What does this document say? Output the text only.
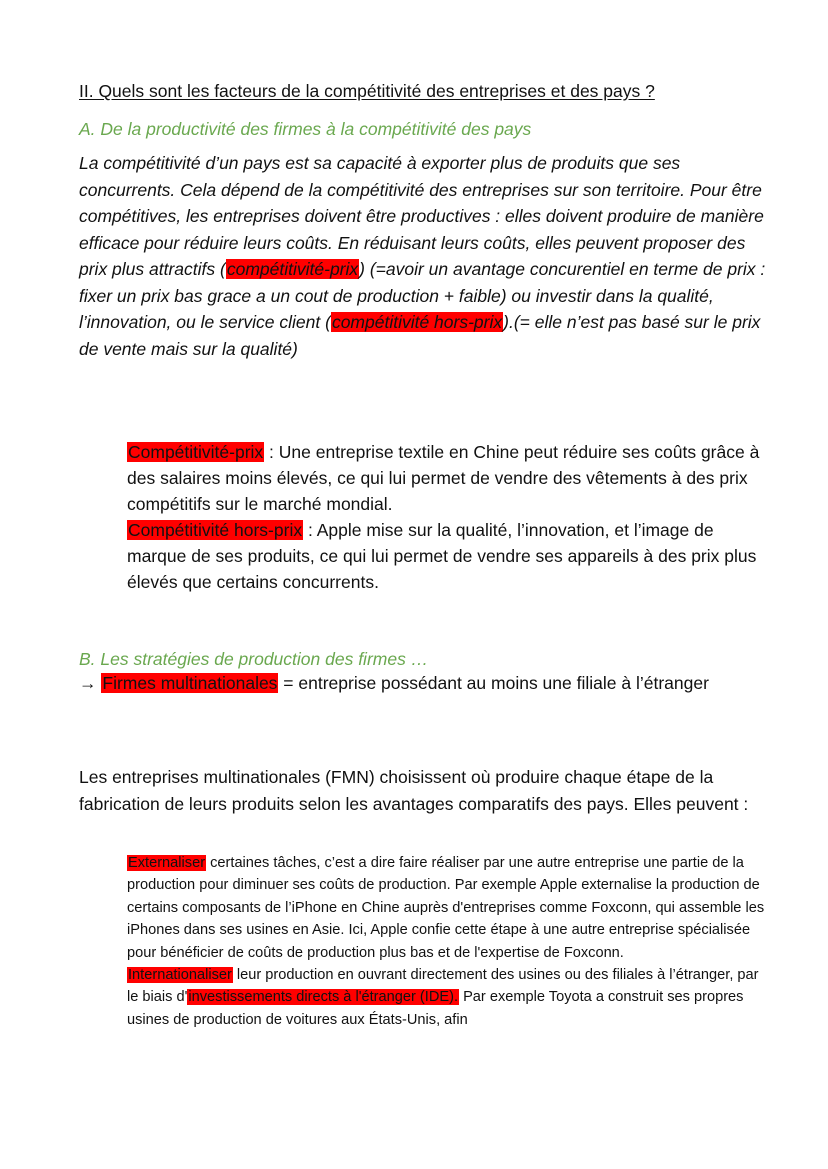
II. Quels sont les facteurs de la compétitivité des entreprises et des pays ?
A. De la productivité des firmes à la compétitivité des pays
La compétitivité d’un pays est sa capacité à exporter plus de produits que ses concurrents. Cela dépend de la compétitivité des entreprises sur son territoire. Pour être compétitives, les entreprises doivent être productives : elles doivent produire de manière efficace pour réduire leurs coûts. En réduisant leurs coûts, elles peuvent proposer des prix plus attractifs (compétitivité-prix) (=avoir un avantage concurentiel en terme de prix : fixer un prix bas grace a un cout de production + faible) ou investir dans la qualité, l’innovation, ou le service client (compétitivité hors-prix).(= elle n’est pas basé sur le prix de vente mais sur la qualité)

Compétitivité-prix : Une entreprise textile en Chine peut réduire ses coûts grâce à des salaires moins élevés, ce qui lui permet de vendre des vêtements à des prix compétitifs sur le marché mondial.

Compétitivité hors-prix : Apple mise sur la qualité, l’innovation, et l’image de marque de ses produits, ce qui lui permet de vendre ses appareils à des prix plus élevés que certains concurrents.

B. Les stratégies de production des firmes …
→ Firmes multinationales = entreprise possédant au moins une filiale à l’étranger
Les entreprises multinationales (FMN) choisissent où produire chaque étape de la fabrication de leurs produits selon les avantages comparatifs des pays. Elles peuvent :

Externaliser certaines tâches, c’est a dire faire réaliser par une autre entreprise une partie de la production pour diminuer ses coûts de production. Par exemple Apple externalise la production de certains composants de l’iPhone en Chine auprès d'entreprises comme Foxconn, qui assemble les iPhones dans ses usines en Asie. Ici, Apple confie cette étape à une autre entreprise spécialisée pour bénéficier de coûts de production plus bas et de l'expertise de Foxconn.

Internationaliser leur production en ouvrant directement des usines ou des filiales à l’étranger, par le biais d'investissements directs à l'étranger (IDE). Par exemple Toyota a construit ses propres usines de production de voitures aux États-Unis, afin
